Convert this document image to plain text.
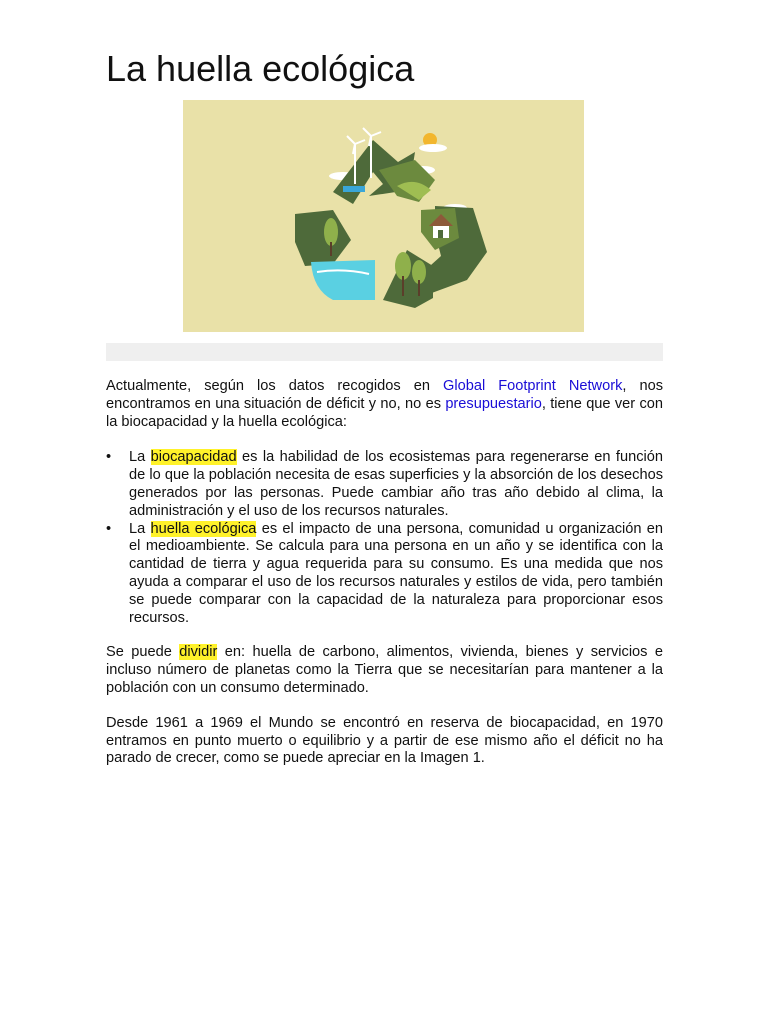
La huella ecológica

Actualmente, según los datos recogidos en Global Footprint Network, nos encontramos en una situación de déficit y no, no es presupuestario, tiene que ver con la biocapacidad y la huella ecológica:

•	La biocapacidad es la habilidad de los ecosistemas para regenerarse en función de lo que la población necesita de esas superficies y la absorción de los desechos generados por las personas. Puede cambiar año tras año debido al clima, la administración y el uso de los recursos naturales.
•	La huella ecológica es el impacto de una persona, comunidad u organización en el medioambiente. Se calcula para una persona en un año y se identifica con la cantidad de tierra y agua requerida para su consumo. Es una medida que nos ayuda a comparar el uso de los recursos naturales y estilos de vida, pero también se puede comparar con la capacidad de la naturaleza para proporcionar esos recursos.

Se puede dividir en: huella de carbono, alimentos, vivienda, bienes y servicios e incluso número de planetas como la Tierra que se necesitarían para mantener a la población con un consumo determinado.

Desde 1961 a 1969 el Mundo se encontró en reserva de biocapacidad, en 1970 entramos en punto muerto o equilibrio y a partir de ese mismo año el déficit no ha parado de crecer, como se puede apreciar en la Imagen 1.
